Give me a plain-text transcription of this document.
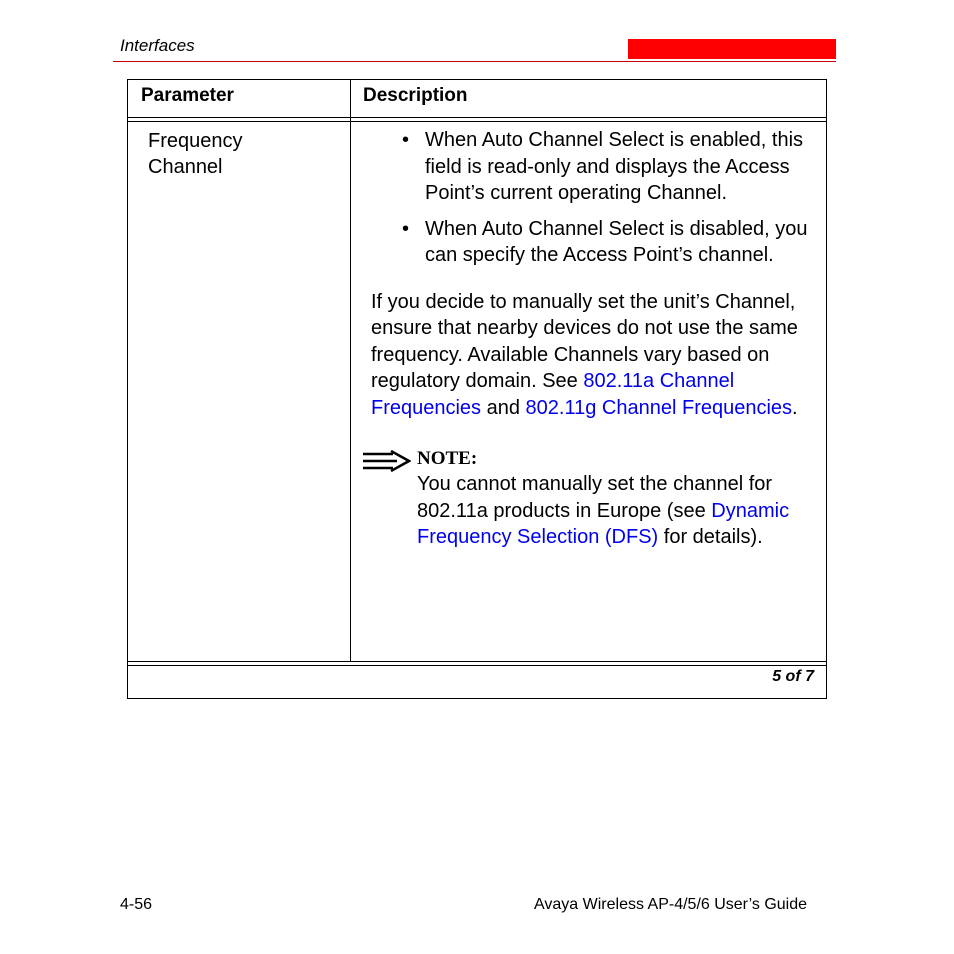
Interfaces
Parameter	Description
Frequency
Channel
• When Auto Channel Select is enabled, this field is read-only and displays the Access Point’s current operating Channel.
• When Auto Channel Select is disabled, you can specify the Access Point’s channel.
If you decide to manually set the unit’s Channel, ensure that nearby devices do not use the same frequency. Available Channels vary based on regulatory domain. See 802.11a Channel Frequencies and 802.11g Channel Frequencies.
NOTE:
You cannot manually set the channel for 802.11a products in Europe (see Dynamic Frequency Selection (DFS) for details).
5 of 7
4-56	Avaya Wireless AP-4/5/6 User’s Guide
